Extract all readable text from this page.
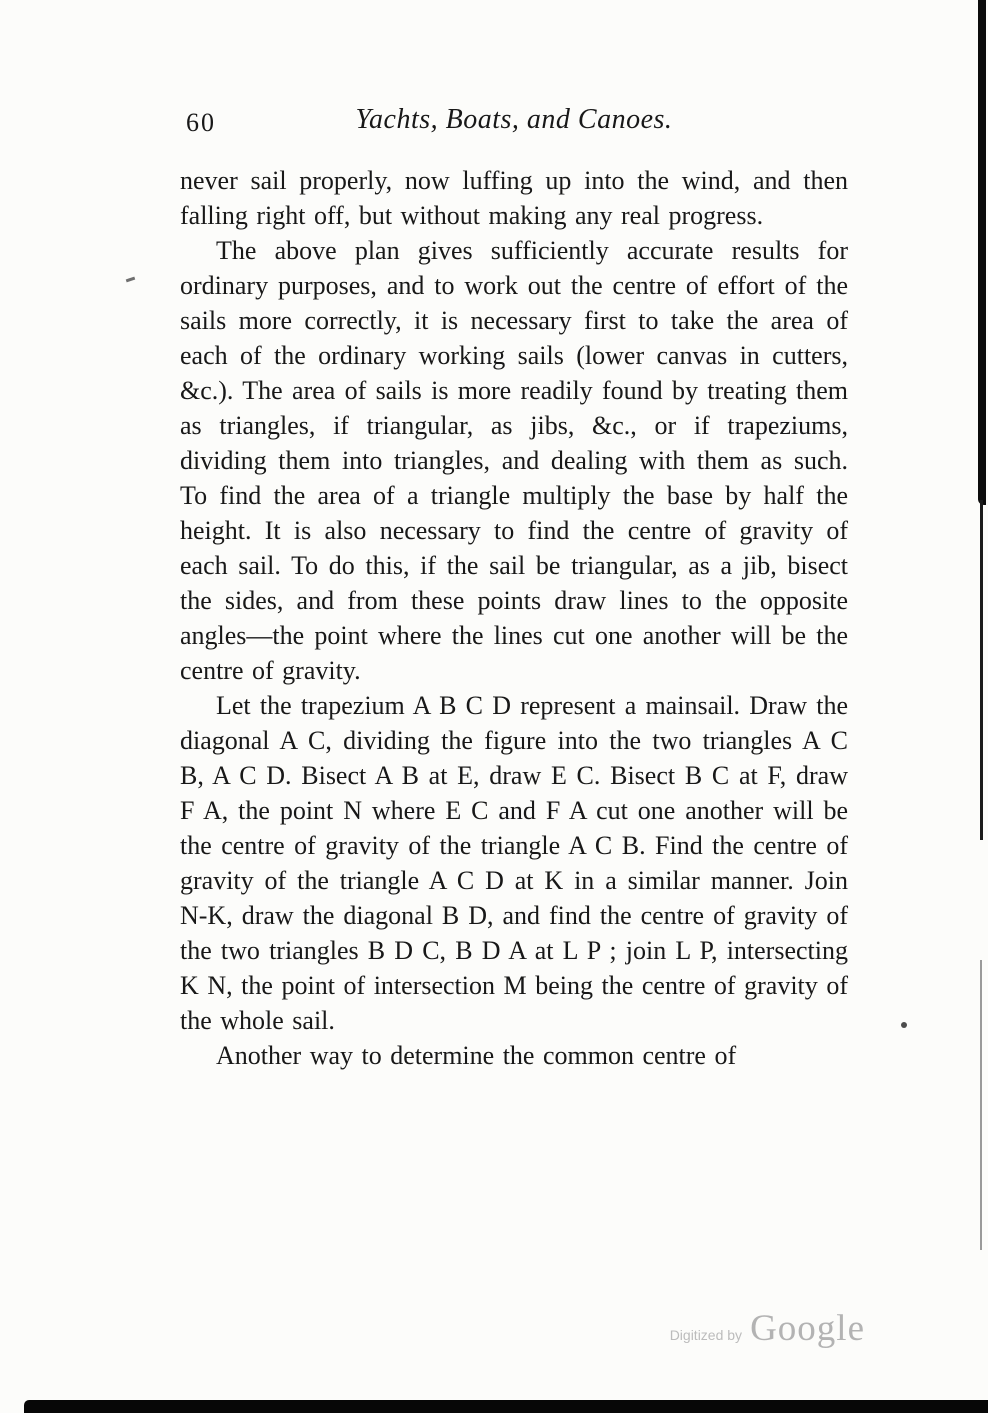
60	Yachts, Boats, and Canoes.

never sail properly, now luffing up into the wind, and then falling right off, but without making any real progress.

The above plan gives sufficiently accurate results for ordinary purposes, and to work out the centre of effort of the sails more correctly, it is necessary first to take the area of each of the ordinary working sails (lower canvas in cutters, &c.). The area of sails is more readily found by treating them as triangles, if triangular, as jibs, &c., or if trapeziums, dividing them into triangles, and dealing with them as such. To find the area of a triangle multiply the base by half the height. It is also necessary to find the centre of gravity of each sail. To do this, if the sail be triangular, as a jib, bisect the sides, and from these points draw lines to the opposite angles—the point where the lines cut one another will be the centre of gravity.

Let the trapezium A B C D represent a mainsail. Draw the diagonal A C, dividing the figure into the two triangles A C B, A C D. Bisect A B at E, draw E C. Bisect B C at F, draw F A, the point N where E C and F A cut one another will be the centre of gravity of the triangle A C B. Find the centre of gravity of the triangle A C D at K in a similar manner. Join N-K, draw the diagonal B D, and find the centre of gravity of the two triangles B D C, B D A at L P ; join L P, intersecting K N, the point of intersection M being the centre of gravity of the whole sail.

Another way to determine the common centre of

Digitized by Google
